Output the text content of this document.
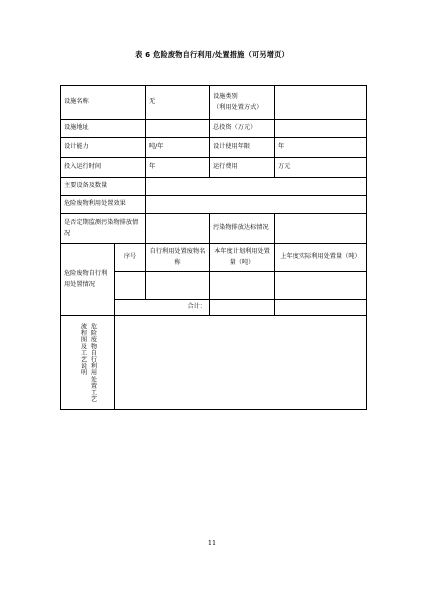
表 6 危险废物自行利用/处置措施（可另增页）
设施名称		无	设施类别
（利用处置方式）	

设施地址			总投资（万元）	
设计能力		吨/年	设计使用年限	年
投入运行时间		年	运行费用	万元
主要设备及数量				
危险废物利用处置效果				
是否定期监测污染物排放情况			污染物排放达标情况	
危险废物自行利用处置情况	序号	自行利用处置废物名称	本年度计划利用处置量（吨）	上年度实际利用处置量（吨）

	合计：			

危险废物自行利用处置工艺流程图及工艺说明				

11
